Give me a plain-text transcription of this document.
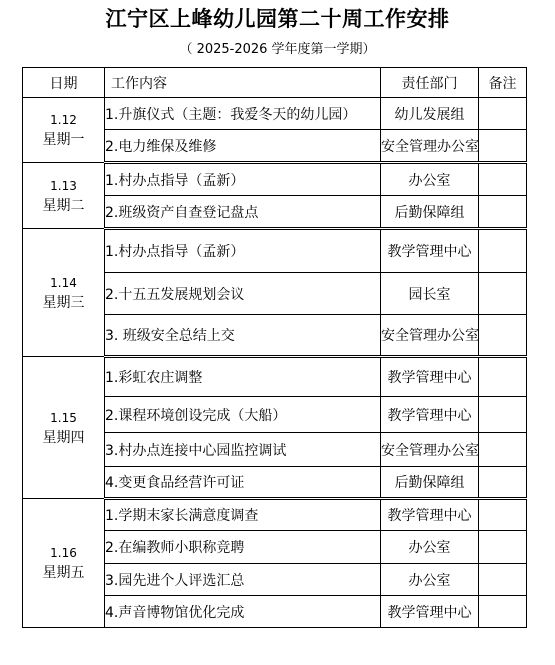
江宁区上峰幼儿园第二十周工作安排
（ 2025-2026 学年度第一学期）
日期	工作内容	责任部门	备注

1.12
星期一	1.升旗仪式（主题：我爱冬天的幼儿园）	幼儿发展组	
	2.电力维保及维修	安全管理办公室	

1.13
星期二	1.村办点指导（孟新）	办公室	
	2.班级资产自查登记盘点	后勤保障组	

1.14
星期三	1.村办点指导（孟新）	教学管理中心	
	2.十五五发展规划会议	园长室	
	3. 班级安全总结上交	安全管理办公室	

1.15
星期四	1.彩虹农庄调整	教学管理中心	
	2.课程环境创设完成（大船）	教学管理中心	
	3.村办点连接中心园监控调试	安全管理办公室	
	4.变更食品经营许可证	后勤保障组	

1.16
星期五	1.学期末家长满意度调查	教学管理中心	
	2.在编教师小职称竞聘	办公室	
	3.园先进个人评选汇总	办公室	
	4.声音博物馆优化完成	教学管理中心	
